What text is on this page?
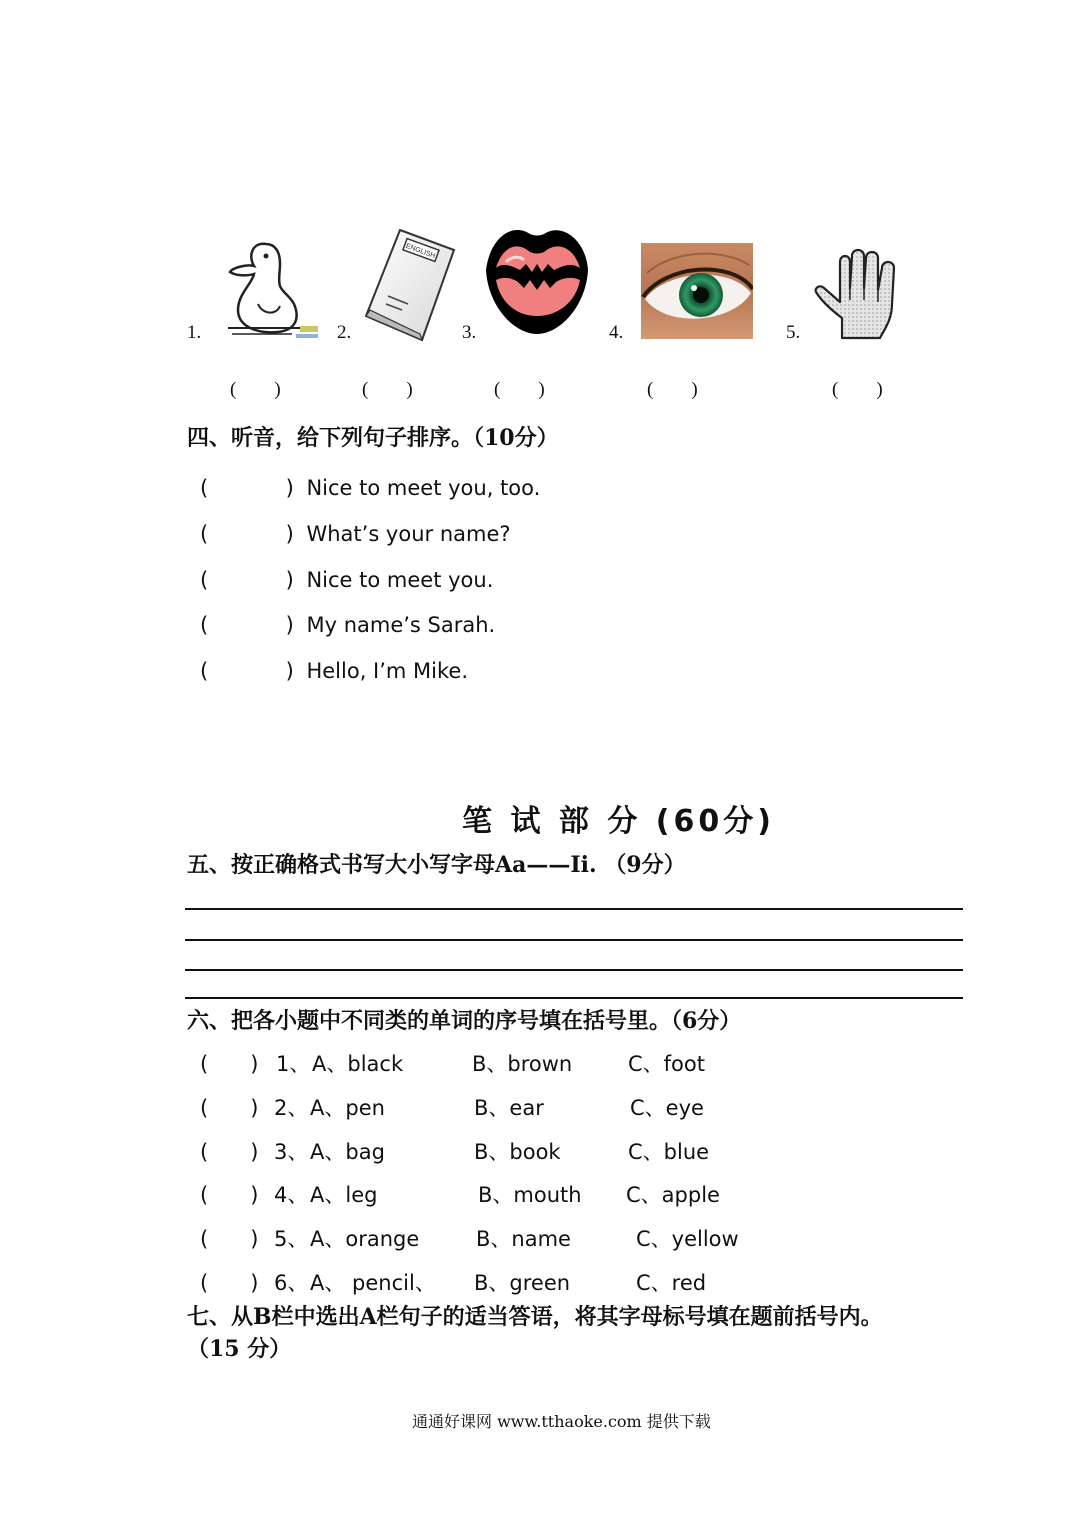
1.	2.
ENGLISH
3.	4.	5.
(　　)	(　　)	(　　)	(　　)	(　　)
四、听音，给下列句子排序。（10分）
(	) Nice to meet you, too.
(	) What’s your name?
(	) Nice to meet you.
(	) My name’s Sarah.
(	) Hello, I’m Mike.
笔 试 部 分 (60分)
五、按正确格式书写大小写字母Aa——Ii. （9分）
六、把各小题中不同类的单词的序号填在括号里。（6分）
(　　) 1、 A、black	B、brown	C、foot
(　　) 2、 A、pen	B、ear	C、eye
(　　) 3、 A、bag	B、book	C、blue
(　　) 4、 A、leg	B、mouth C、apple
(　　) 5、 A、orange	B、name	C、yellow
(　　) 6、 A、 pencil、 B、green	C、red
七、从B栏中选出A栏句子的适当答语，将其字母标号填在题前括号内。
（15 分）
通通好课网 www.tthaoke.com 提供下载
